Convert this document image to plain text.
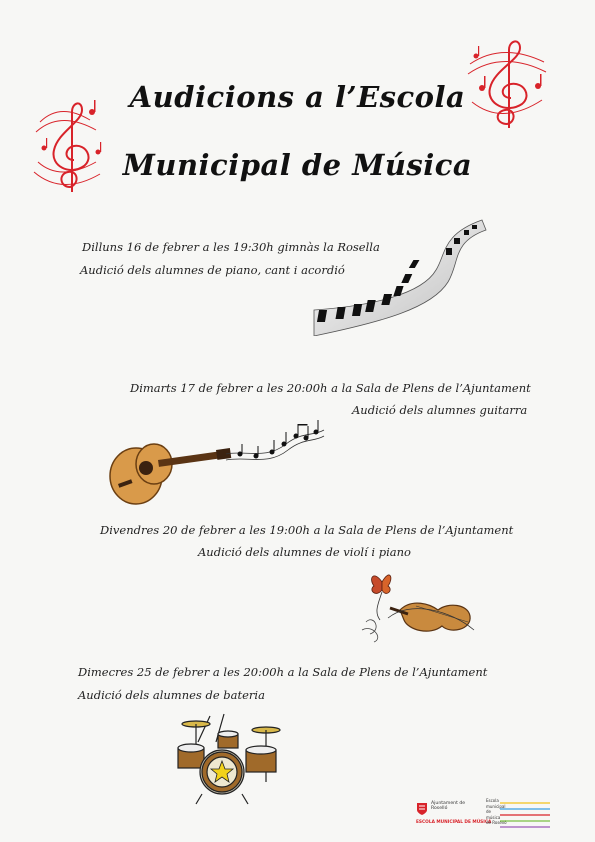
Audicions a l’Escola
Municipal de Música
Dilluns 16 de febrer a les 19:30h gimnàs la Rosella
Audició dels alumnes de piano, cant i acordió
Dimarts 17 de febrer a les 20:00h a la Sala de Plens de l’Ajuntament
Audició dels alumnes guitarra
Divendres 20 de febrer a les 19:00h a la Sala de Plens de l’Ajuntament
Audició dels alumnes de violí i piano
Dimecres 25 de febrer a les 20:00h a la Sala de Plens de l’Ajuntament
Audició dels alumnes de bateria
Ajuntament de Roselló
ESCOLA MUNICIPAL DE MÚSICA
Escola
municipal
de
música
de Roselló
